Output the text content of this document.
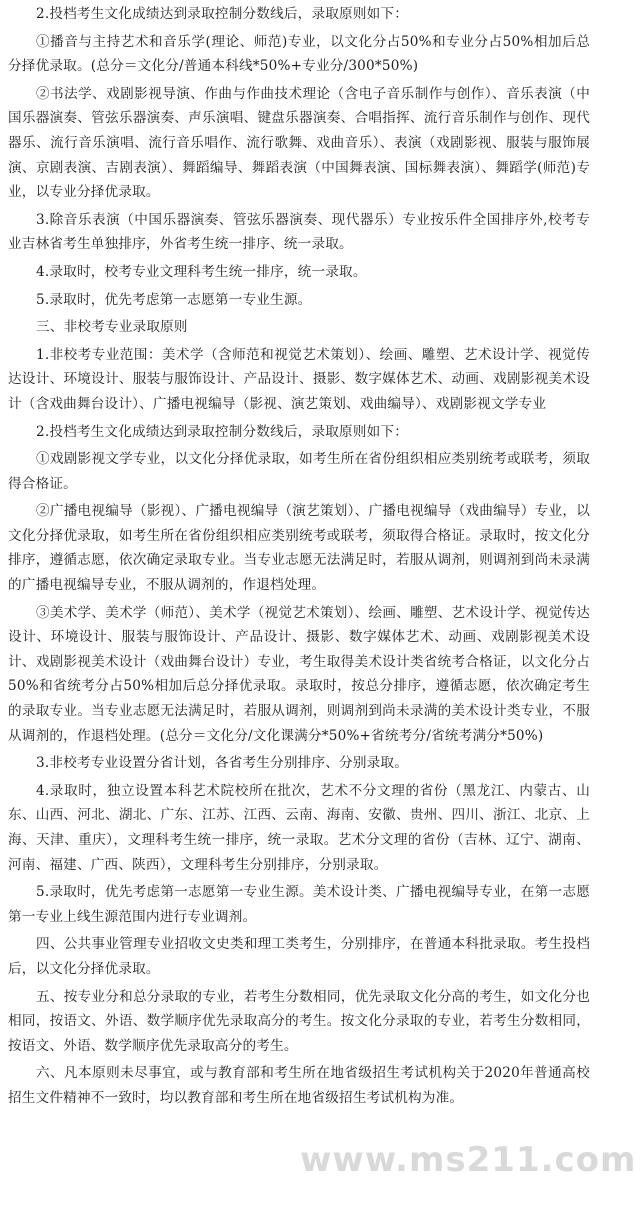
2.投档考生文化成绩达到录取控制分数线后，录取原则如下：

①播音与主持艺术和音乐学(理论、师范)专业，以文化分占50%和专业分占50%相加后总分择优录取。(总分＝文化分/普通本科线*50%+专业分/300*50%)

②书法学、戏剧影视导演、作曲与作曲技术理论（含电子音乐制作与创作）、音乐表演（中国乐器演奏、管弦乐器演奏、声乐演唱、键盘乐器演奏、合唱指挥、流行音乐制作与创作、现代器乐、流行音乐演唱、流行音乐唱作、流行歌舞、戏曲音乐）、表演（戏剧影视、服装与服饰展演、京剧表演、吉剧表演）、舞蹈编导、舞蹈表演（中国舞表演、国标舞表演）、舞蹈学(师范)专业，以专业分择优录取。

3.除音乐表演（中国乐器演奏、管弦乐器演奏、现代器乐）专业按乐件全国排序外,校考专业吉林省考生单独排序，外省考生统一排序、统一录取。

4.录取时，校考专业文理科考生统一排序，统一录取。

5.录取时，优先考虑第一志愿第一专业生源。

三、非校考专业录取原则

1.非校考专业范围：美术学（含师范和视觉艺术策划）、绘画、雕塑、艺术设计学、视觉传达设计、环境设计、服装与服饰设计、产品设计、摄影、数字媒体艺术、动画、戏剧影视美术设计（含戏曲舞台设计）、广播电视编导（影视、演艺策划、戏曲编导）、戏剧影视文学专业

2.投档考生文化成绩达到录取控制分数线后，录取原则如下：

①戏剧影视文学专业，以文化分择优录取，如考生所在省份组织相应类别统考或联考，须取得合格证。

②广播电视编导（影视）、广播电视编导（演艺策划）、广播电视编导（戏曲编导）专业，以文化分择优录取，如考生所在省份组织相应类别统考或联考，须取得合格证。录取时，按文化分排序，遵循志愿，依次确定录取专业。当专业志愿无法满足时，若服从调剂，则调剂到尚未录满的广播电视编导专业，不服从调剂的，作退档处理。

③美术学、美术学（师范）、美术学（视觉艺术策划）、绘画、雕塑、艺术设计学、视觉传达设计、环境设计、服装与服饰设计、产品设计、摄影、数字媒体艺术、动画、戏剧影视美术设计、戏剧影视美术设计（戏曲舞台设计）专业，考生取得美术设计类省统考合格证，以文化分占50%和省统考分占50%相加后总分择优录取。录取时，按总分排序，遵循志愿，依次确定考生的录取专业。当专业志愿无法满足时，若服从调剂，则调剂到尚未录满的美术设计类专业，不服从调剂的，作退档处理。(总分＝文化分/文化课满分*50%+省统考分/省统考满分*50%)

3.非校考专业设置分省计划，各省考生分别排序、分别录取。

4.录取时，独立设置本科艺术院校所在批次，艺术不分文理的省份（黑龙江、内蒙古、山东、山西、河北、湖北、广东、江苏、江西、云南、海南、安徽、贵州、四川、浙江、北京、上海、天津、重庆），文理科考生统一排序，统一录取。艺术分文理的省份（吉林、辽宁、湖南、河南、福建、广西、陕西），文理科考生分别排序，分别录取。

5.录取时，优先考虑第一志愿第一专业生源。美术设计类、广播电视编导专业，在第一志愿第一专业上线生源范围内进行专业调剂。

四、公共事业管理专业招收文史类和理工类考生，分别排序，在普通本科批录取。考生投档后，以文化分择优录取。

五、按专业分和总分录取的专业，若考生分数相同，优先录取文化分高的考生，如文化分也相同，按语文、外语、数学顺序优先录取高分的考生。按文化分录取的专业，若考生分数相同，按语文、外语、数学顺序优先录取高分的考生。

六、凡本原则未尽事宜，或与教育部和考生所在地省级招生考试机构关于2020年普通高校招生文件精神不一致时，均以教育部和考生所在地省级招生考试机构为准。

www.ms211.com
